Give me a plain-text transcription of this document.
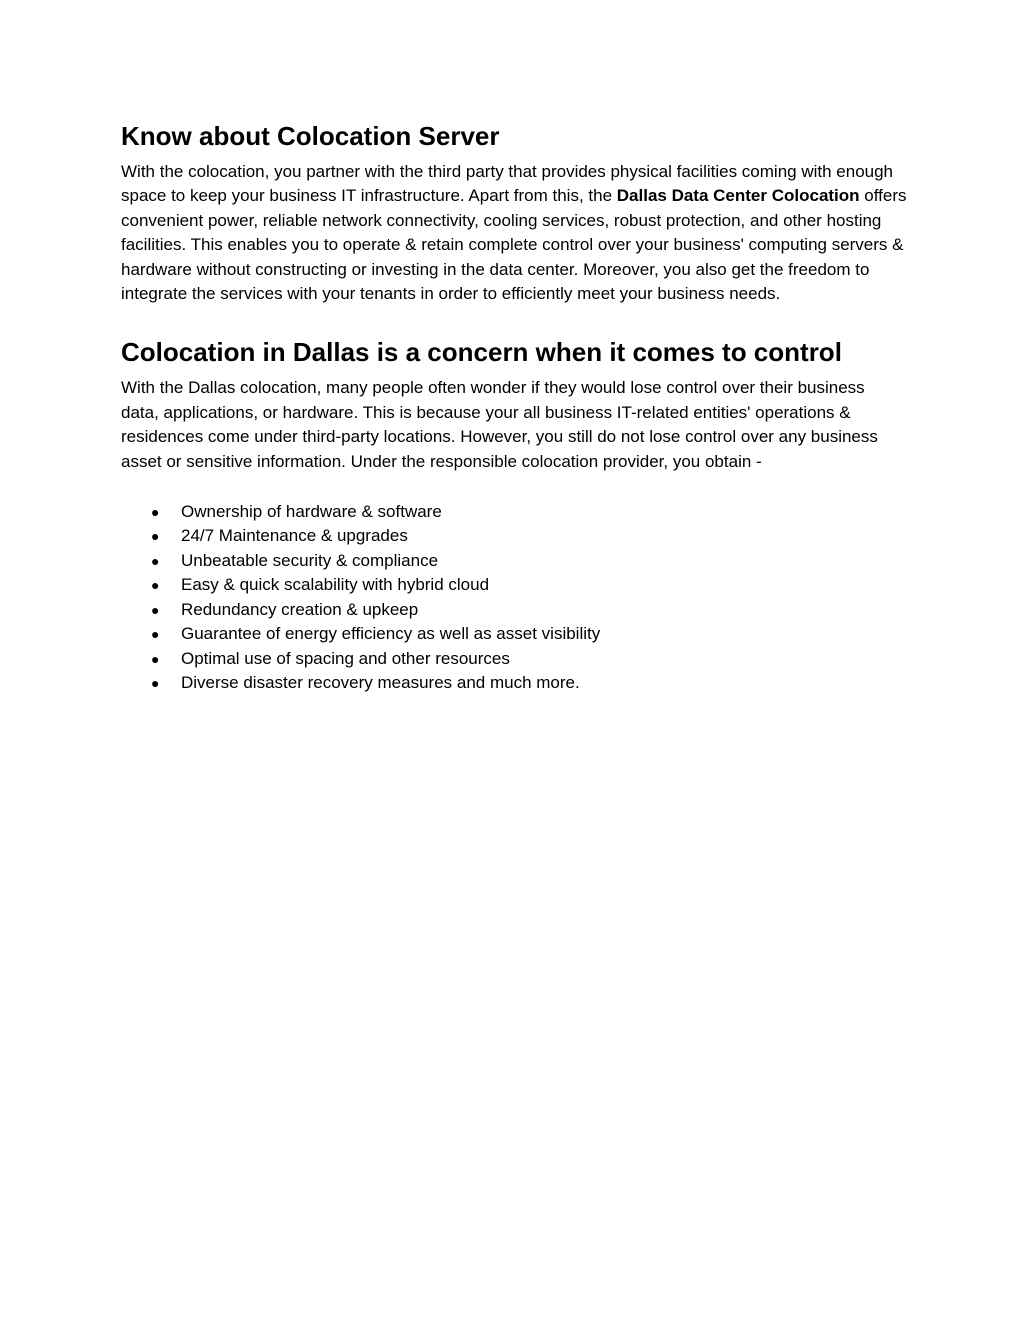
Know about Colocation Server

With the colocation, you partner with the third party that provides physical facilities coming with enough space to keep your business IT infrastructure. Apart from this, the Dallas Data Center Colocation offers convenient power, reliable network connectivity, cooling services, robust protection, and other hosting facilities. This enables you to operate & retain complete control over your business' computing servers & hardware without constructing or investing in the data center. Moreover, you also get the freedom to integrate the services with your tenants in order to efficiently meet your business needs.

Colocation in Dallas is a concern when it comes to control

With the Dallas colocation, many people often wonder if they would lose control over their business data, applications, or hardware. This is because your all business IT-related entities' operations & residences come under third-party locations. However, you still do not lose control over any business asset or sensitive information. Under the responsible colocation provider, you obtain -

● Ownership of hardware & software
● 24/7 Maintenance & upgrades
● Unbeatable security & compliance
● Easy & quick scalability with hybrid cloud
● Redundancy creation & upkeep
● Guarantee of energy efficiency as well as asset visibility
● Optimal use of spacing and other resources
● Diverse disaster recovery measures and much more.
